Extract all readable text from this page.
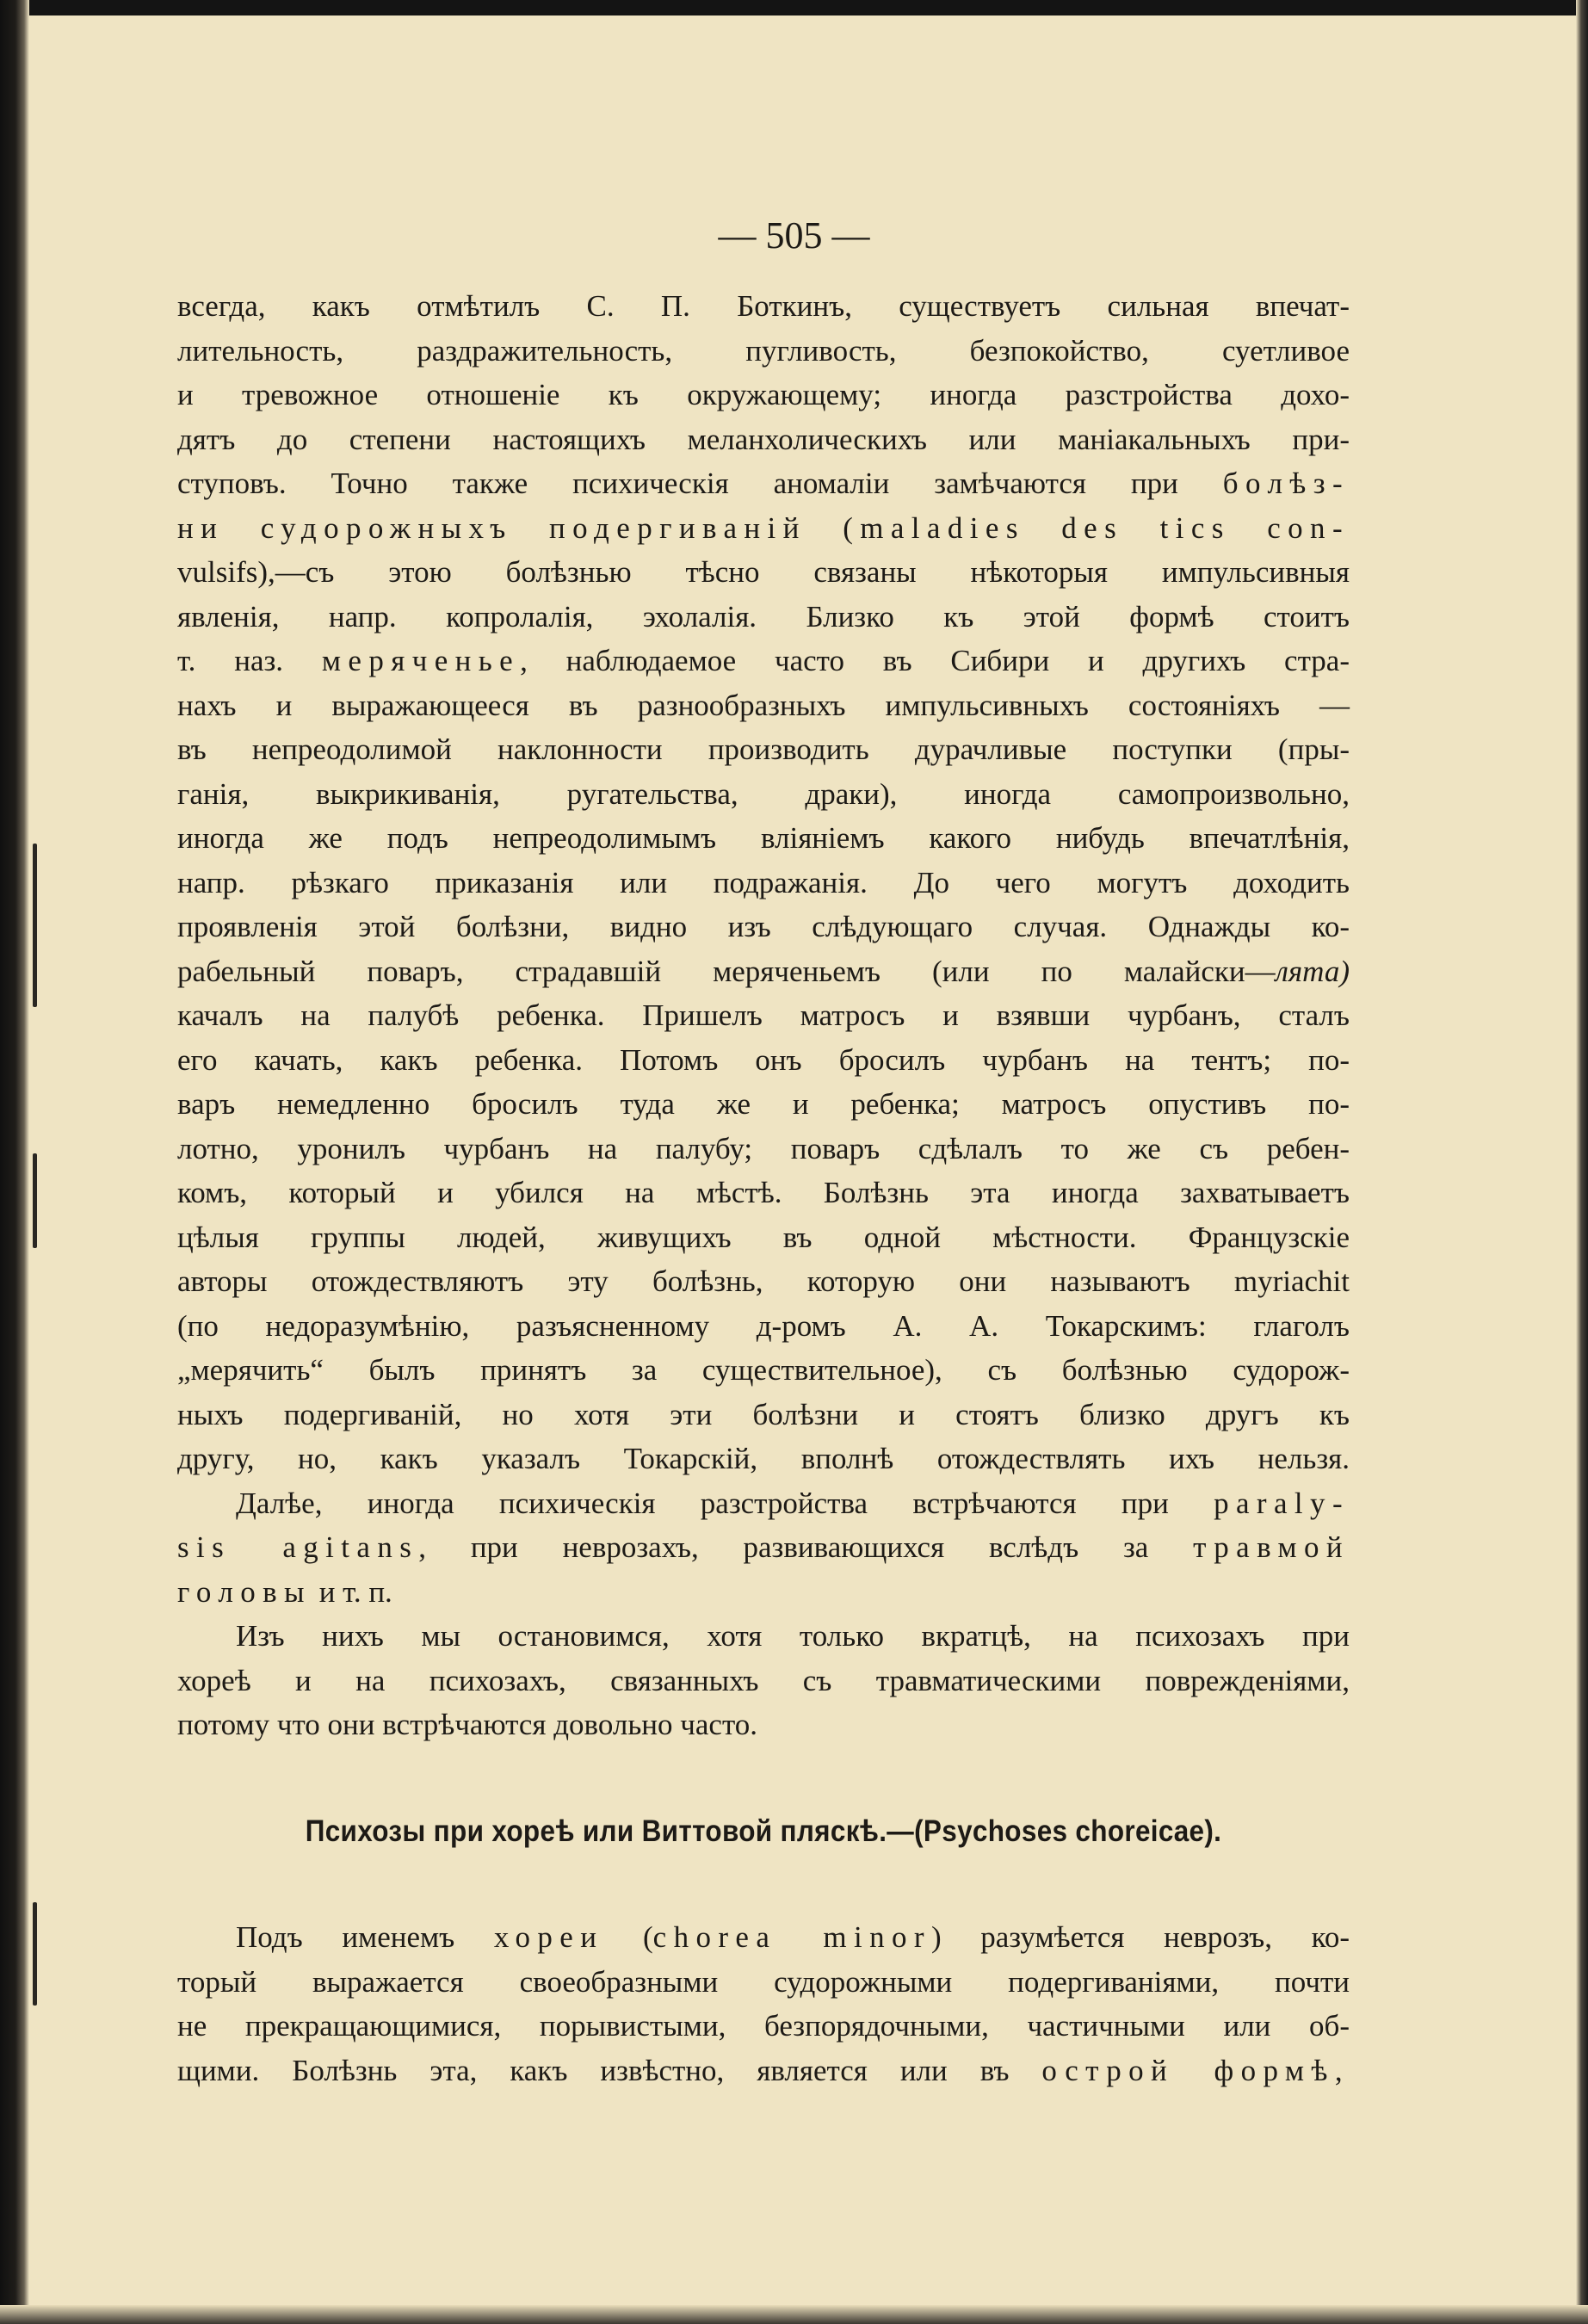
— 505 —
всегда, какъ отмѣтилъ С. П. Боткинъ, существуетъ сильная впечат-
лительность, раздражительность, пугливость, безпокойство, суетливое
и тревожное отношеніе къ окружающему; иногда разстройства дохо-
дятъ до степени настоящихъ меланхолическихъ или маніакальныхъ при-
ступовъ. Точно также психическія аномаліи замѣчаются при болѣз-
ни судорожныхъ подергиваній (maladies des tics con-
vulsifs),—съ этою болѣзнью тѣсно связаны нѣкоторыя импульсивныя
явленія, напр. копролалія, эхолалія. Близко къ этой формѣ стоитъ
т. наз. меряченье, наблюдаемое часто въ Сибири и другихъ стра-
нахъ и выражающееся въ разнообразныхъ импульсивныхъ состояніяхъ —
въ непреодолимой наклонности производить дурачливые поступки (пры-
ганія, выкрикиванія, ругательства, драки), иногда самопроизвольно,
иногда же подъ непреодолимымъ вліяніемъ какого нибудь впечатлѣнія,
напр. рѣзкаго приказанія или подражанія. До чего могутъ доходить
проявленія этой болѣзни, видно изъ слѣдующаго случая. Однажды ко-
рабельный поваръ, страдавшій меряченьемъ (или по малайски—лята)
качалъ на палубѣ ребенка. Пришелъ матросъ и взявши чурбанъ, сталъ
его качать, какъ ребенка. Потомъ онъ бросилъ чурбанъ на тентъ; по-
варъ немедленно бросилъ туда же и ребенка; матросъ опустивъ по-
лотно, уронилъ чурбанъ на палубу; поваръ сдѣлалъ то же съ ребен-
комъ, который и убился на мѣстѣ. Болѣзнь эта иногда захватываетъ
цѣлыя группы людей, живущихъ въ одной мѣстности. Французскіе
авторы отождествляютъ эту болѣзнь, которую они называютъ myriachit
(по недоразумѣнію, разъясненному д-ромъ А. А. Токарскимъ: глаголъ
„мерячить“ былъ принятъ за существительное), съ болѣзнью судорож-
ныхъ подергиваній, но хотя эти болѣзни и стоятъ близко другъ къ
другу, но, какъ указалъ Токарскій, вполнѣ отождествлять ихъ нельзя.
Далѣе, иногда психическія разстройства встрѣчаются при paraly-
sis agitans, при неврозахъ, развивающихся вслѣдъ за травмой
головы и т. п.
Изъ нихъ мы остановимся, хотя только вкратцѣ, на психозахъ при
хореѣ и на психозахъ, связанныхъ съ травматическими поврежденіями,
потому что они встрѣчаются довольно часто.
Психозы при хореѣ или Виттовой пляскѣ.—(Psychoses choreicae).
Подъ именемъ хореи (chorea minor) разумѣется неврозъ, ко-
торый выражается своеобразными судорожными подергиваніями, почти
не прекращающимися, порывистыми, безпорядочными, частичными или об-
щими. Болѣзнь эта, какъ извѣстно, является или въ острой формѣ,
